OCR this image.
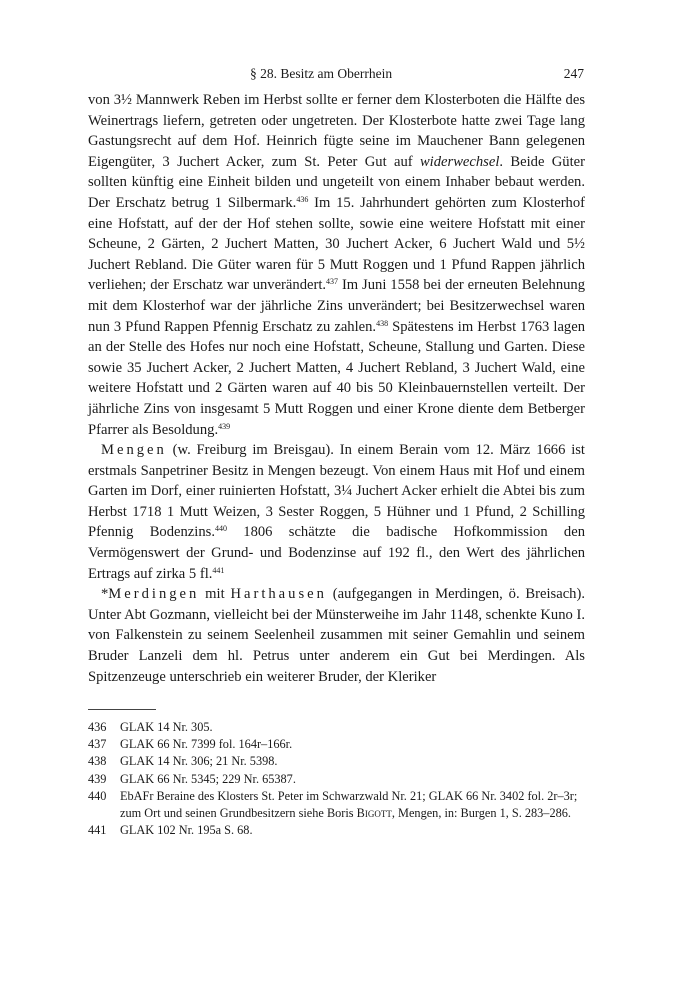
§ 28. Besitz am Oberrhein	247

von 3½ Mannwerk Reben im Herbst sollte er ferner dem Klosterboten die Hälfte des Weinertrags liefern, getreten oder ungetreten. Der Klosterbote hatte zwei Tage lang Gastungsrecht auf dem Hof. Heinrich fügte seine im Mauchener Bann gelegenen Eigengüter, 3 Juchert Acker, zum St. Peter Gut auf widerwechsel. Beide Güter sollten künftig eine Einheit bilden und ungeteilt von einem Inhaber bebaut werden. Der Erschatz betrug 1 Silbermark.$^{436}$ Im 15. Jahrhundert gehörten zum Klosterhof eine Hofstatt, auf der der Hof stehen sollte, sowie eine weitere Hofstatt mit einer Scheune, 2 Gärten, 2 Juchert Matten, 30 Juchert Acker, 6 Juchert Wald und 5½ Juchert Rebland. Die Güter waren für 5 Mutt Roggen und 1 Pfund Rappen jährlich verliehen; der Erschatz war unverändert.$^{437}$ Im Juni 1558 bei der erneuten Belehnung mit dem Klosterhof war der jährliche Zins unverändert; bei Besitzerwechsel waren nun 3 Pfund Rappen Pfennig Erschatz zu zahlen.$^{438}$ Spätestens im Herbst 1763 lagen an der Stelle des Hofes nur noch eine Hofstatt, Scheune, Stallung und Garten. Diese sowie 35 Juchert Acker, 2 Juchert Matten, 4 Juchert Rebland, 3 Juchert Wald, eine weitere Hofstatt und 2 Gärten waren auf 40 bis 50 Kleinbauernstellen verteilt. Der jährliche Zins von insgesamt 5 Mutt Roggen und einer Krone diente dem Betberger Pfarrer als Besoldung.$^{439}$

Mengen (w. Freiburg im Breisgau). In einem Berain vom 12. März 1666 ist erstmals Sanpetriner Besitz in Mengen bezeugt. Von einem Haus mit Hof und einem Garten im Dorf, einer ruinierten Hofstatt, 3¼ Juchert Acker erhielt die Abtei bis zum Herbst 1718 1 Mutt Weizen, 3 Sester Roggen, 5 Hühner und 1 Pfund, 2 Schilling Pfennig Bodenzins.$^{440}$ 1806 schätzte die badische Hofkommission den Vermögenswert der Grund- und Bodenzinse auf 192 fl., den Wert des jährlichen Ertrags auf zirka 5 fl.$^{441}$

*Merdingen mit Harthausen (aufgegangen in Merdingen, ö. Breisach). Unter Abt Gozmann, vielleicht bei der Münsterweihe im Jahr 1148, schenkte Kuno I. von Falkenstein zu seinem Seelenheil zusammen mit seiner Gemahlin und seinem Bruder Lanzeli dem hl. Petrus unter anderem ein Gut bei Merdingen. Als Spitzenzeuge unterschrieb ein weiterer Bruder, der Kleriker

436	GLAK 14 Nr. 305.
437	GLAK 66 Nr. 7399 fol. 164r–166r.
438	GLAK 14 Nr. 306; 21 Nr. 5398.
439	GLAK 66 Nr. 5345; 229 Nr. 65387.
440	EbAFr Beraine des Klosters St. Peter im Schwarzwald Nr. 21; GLAK 66 Nr. 3402 fol. 2r–3r; zum Ort und seinen Grundbesitzern siehe Boris Bigott, Mengen, in: Burgen 1, S. 283–286.
441	GLAK 102 Nr. 195a S. 68.
